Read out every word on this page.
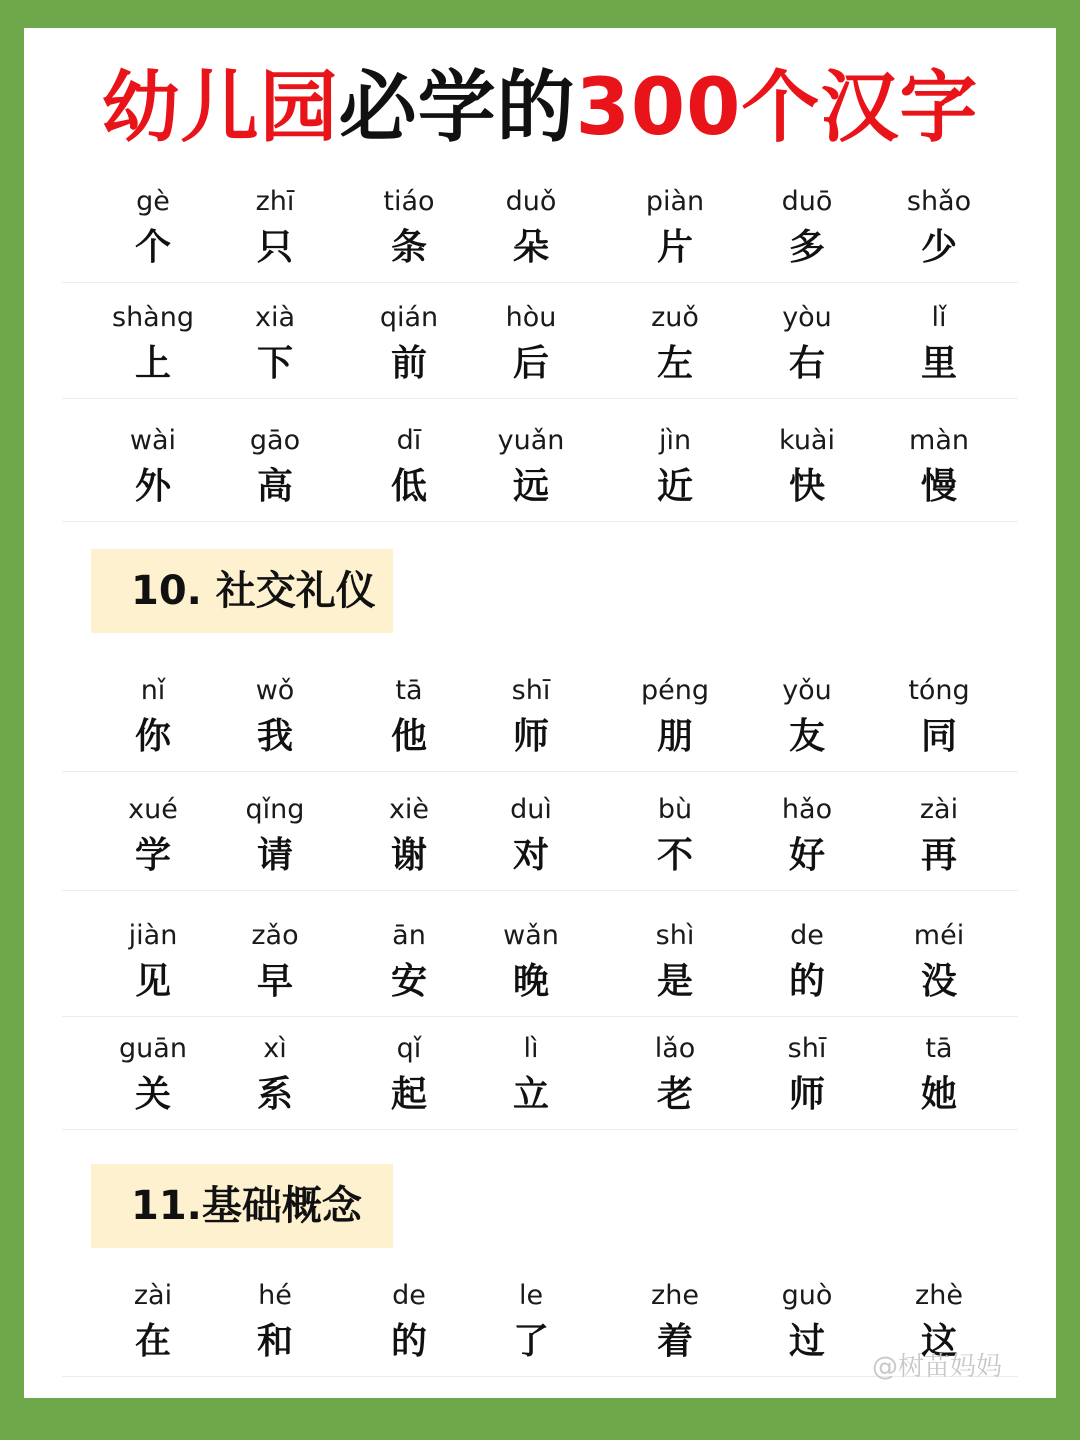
幼儿园必学的300个汉字
gè
个
zhī
只
tiáo
条
duǒ
朵
piàn
片
duō
多
shǎo
少
shàng
上
xià
下
qián
前
hòu
后
zuǒ
左
yòu
右
lǐ
里
wài
外
gāo
高
dī
低
yuǎn
远
jìn
近
kuài
快
màn
慢
10. 社交礼仪
nǐ
你
wǒ
我
tā
他
shī
师
péng
朋
yǒu
友
tóng
同
xué
学
qǐng
请
xiè
谢
duì
对
bù
不
hǎo
好
zài
再
jiàn
见
zǎo
早
ān
安
wǎn
晚
shì
是
de
的
méi
没
guān
关
xì
系
qǐ
起
lì
立
lǎo
老
shī
师
tā
她
11.基础概念
zài
在
hé
和
de
的
le
了
zhe
着
guò
过
zhè
这
@树苗妈妈
